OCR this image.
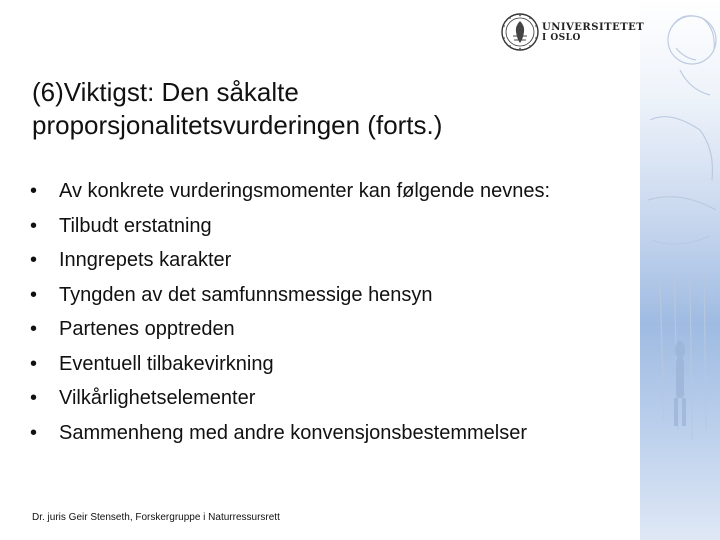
UNIVERSITETET
I OSLO
(6)Viktigst: Den såkalte
proporsjonalitetsvurderingen (forts.)
• Av konkrete vurderingsmomenter kan følgende nevnes:
• Tilbudt erstatning
• Inngrepets karakter
• Tyngden av det samfunnsmessige hensyn
• Partenes opptreden
• Eventuell tilbakevirkning
• Vilkårlighetselementer
• Sammenheng med andre konvensjonsbestemmelser
Dr. juris Geir Stenseth, Forskergruppe i Naturressursrett
